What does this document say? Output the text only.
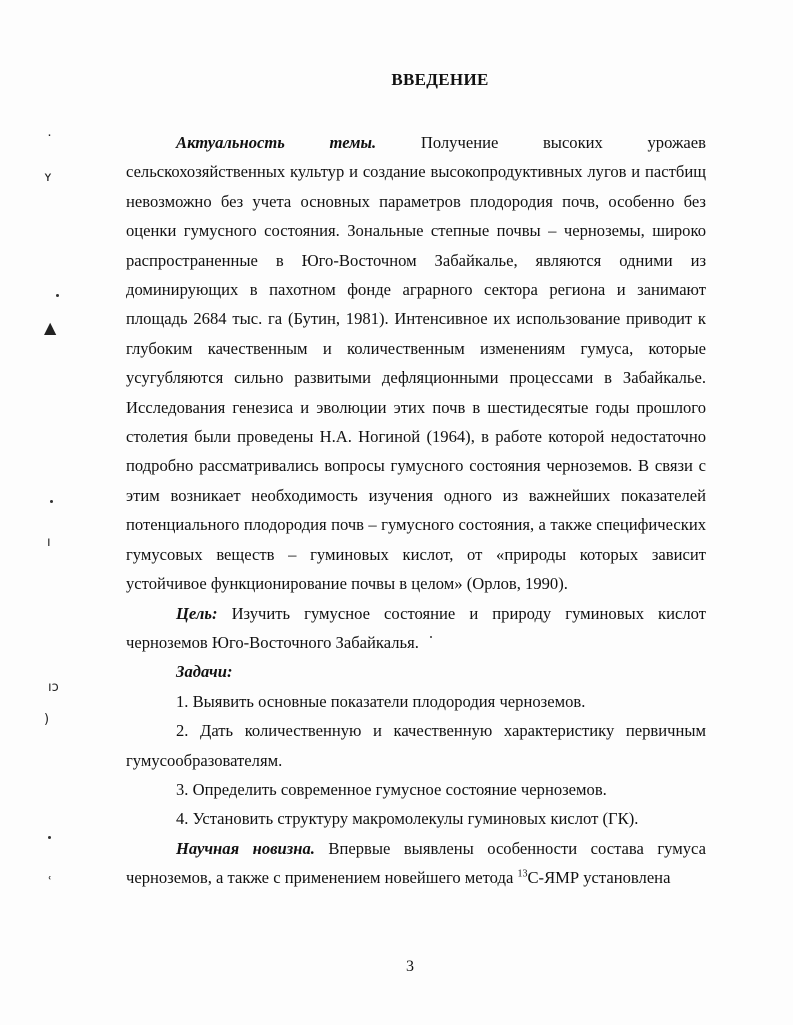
ВВЕДЕНИЕ

Актуальность темы.	Получение высоких урожаев сельскохозяйственных культур и создание высокопродуктивных лугов и пастбищ невозможно без учета основных параметров плодородия почв, особенно без оценки гумусного состояния. Зональные степные почвы – черноземы, широко распространенные в Юго-Восточном Забайкалье, являются одними из доминирующих в пахотном фонде аграрного сектора региона и занимают площадь 2684 тыс. га (Бутин, 1981). Интенсивное их использование приводит к глубоким качественным и количественным изменениям гумуса, которые усугубляются сильно развитыми дефляционными процессами в Забайкалье. Исследования генезиса и эволюции этих почв в шестидесятые годы прошлого столетия были проведены Н.А. Ногиной (1964), в работе которой недостаточно подробно рассматривались вопросы гумусного состояния черноземов. В связи с этим возникает необходимость изучения одного из важнейших показателей потенциального плодородия почв – гумусного состояния, а также специфических гумусовых веществ – гуминовых кислот, от «природы которых зависит устойчивое функционирование почвы в целом» (Орлов, 1990).

Цель: Изучить гумусное состояние и природу гуминовых кислот черноземов Юго-Восточного Забайкалья.

Задачи:

1. Выявить основные показатели плодородия черноземов.

2. Дать количественную и качественную характеристику первичным гумусообразователям.

3. Определить современное гумусное состояние черноземов.

4. Установить структуру макромолекулы гуминовых кислот (ГК).

Научная новизна. Впервые выявлены особенности состава гумуса черноземов, а также с применением новейшего метода $^{13}$С-ЯМР установлена

3
٠
ʏ
▲
ı
ıɔ
)
ʿ
